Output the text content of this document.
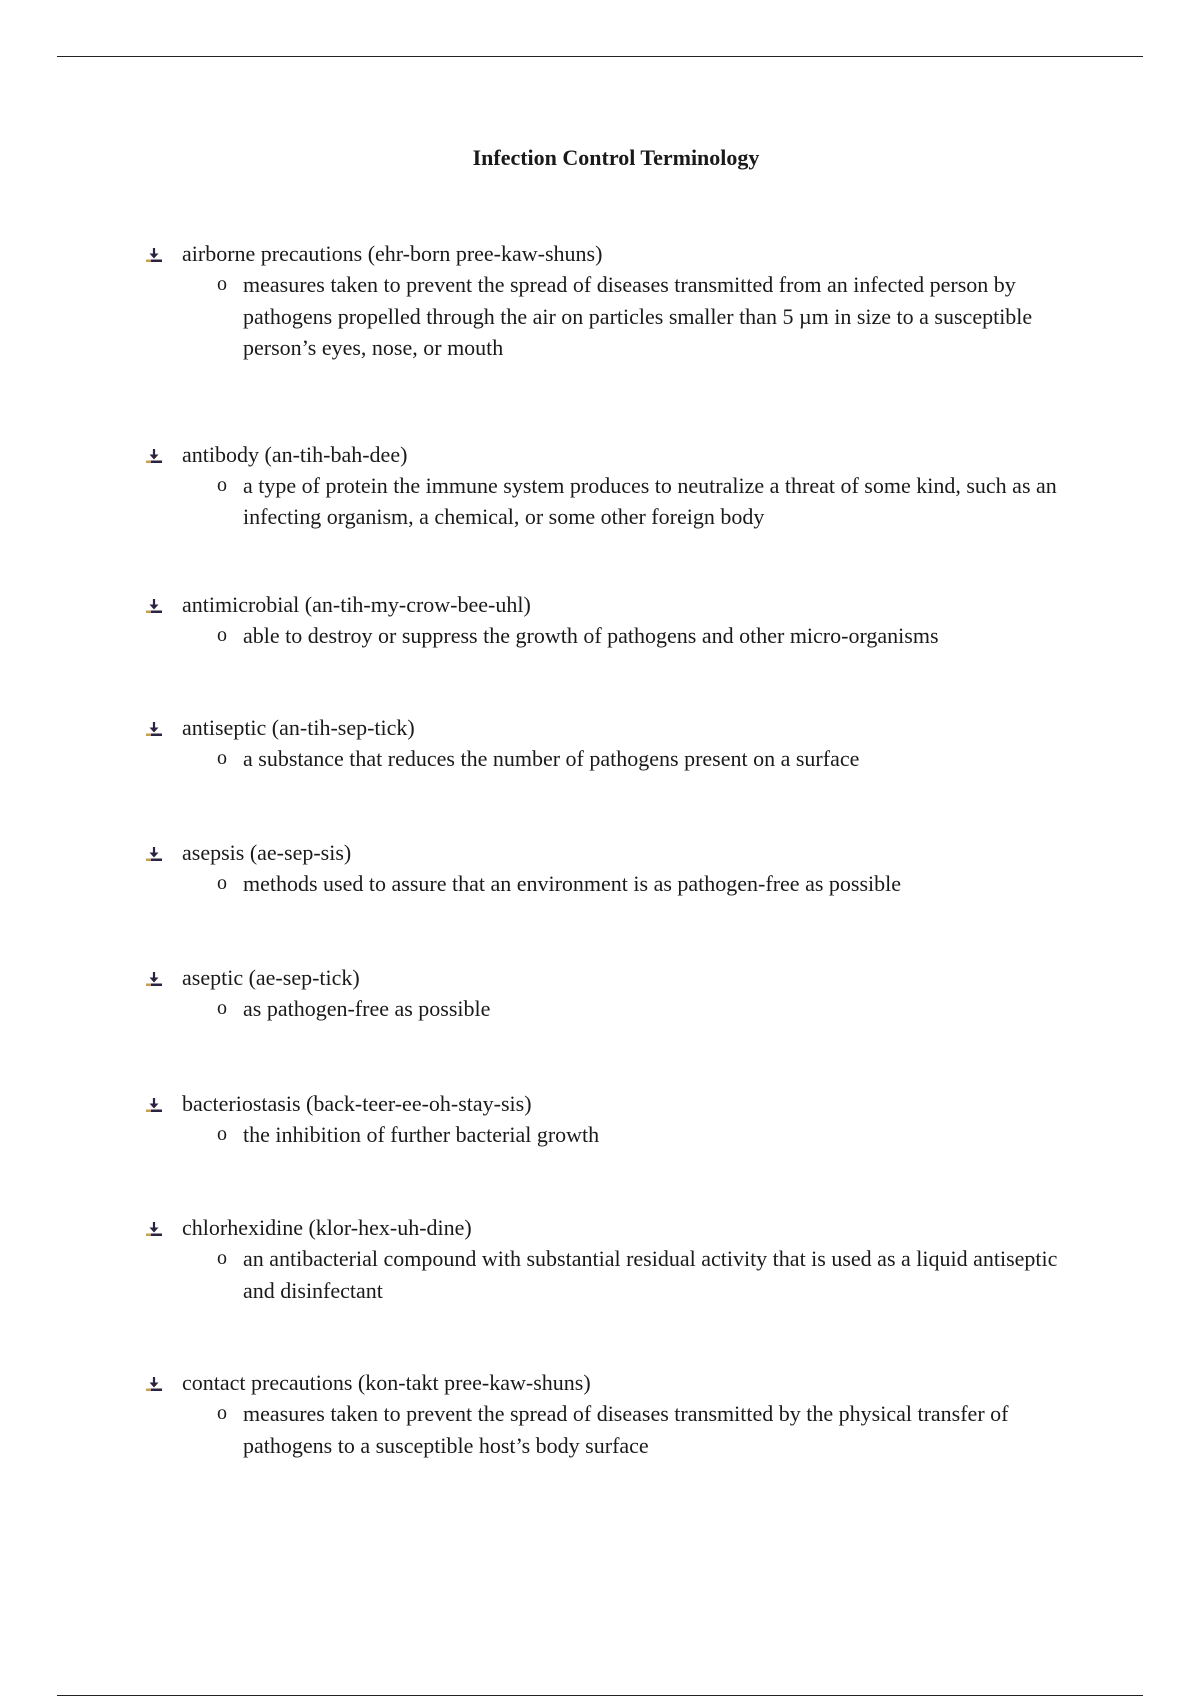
Infection Control Terminology
airborne precautions (ehr-born pree-kaw-shuns)
o measures taken to prevent the spread of diseases transmitted from an infected person by pathogens propelled through the air on particles smaller than 5 µm in size to a susceptible person’s eyes, nose, or mouth
antibody (an-tih-bah-dee)
o a type of protein the immune system produces to neutralize a threat of some kind, such as an infecting organism, a chemical, or some other foreign body
antimicrobial (an-tih-my-crow-bee-uhl)
o able to destroy or suppress the growth of pathogens and other micro-organisms
antiseptic (an-tih-sep-tick)
o a substance that reduces the number of pathogens present on a surface
asepsis (ae-sep-sis)
o methods used to assure that an environment is as pathogen-free as possible
aseptic (ae-sep-tick)
o as pathogen-free as possible
bacteriostasis (back-teer-ee-oh-stay-sis)
o the inhibition of further bacterial growth
chlorhexidine (klor-hex-uh-dine)
o an antibacterial compound with substantial residual activity that is used as a liquid antiseptic and disinfectant
contact precautions (kon-takt pree-kaw-shuns)
o measures taken to prevent the spread of diseases transmitted by the physical transfer of pathogens to a susceptible host’s body surface
